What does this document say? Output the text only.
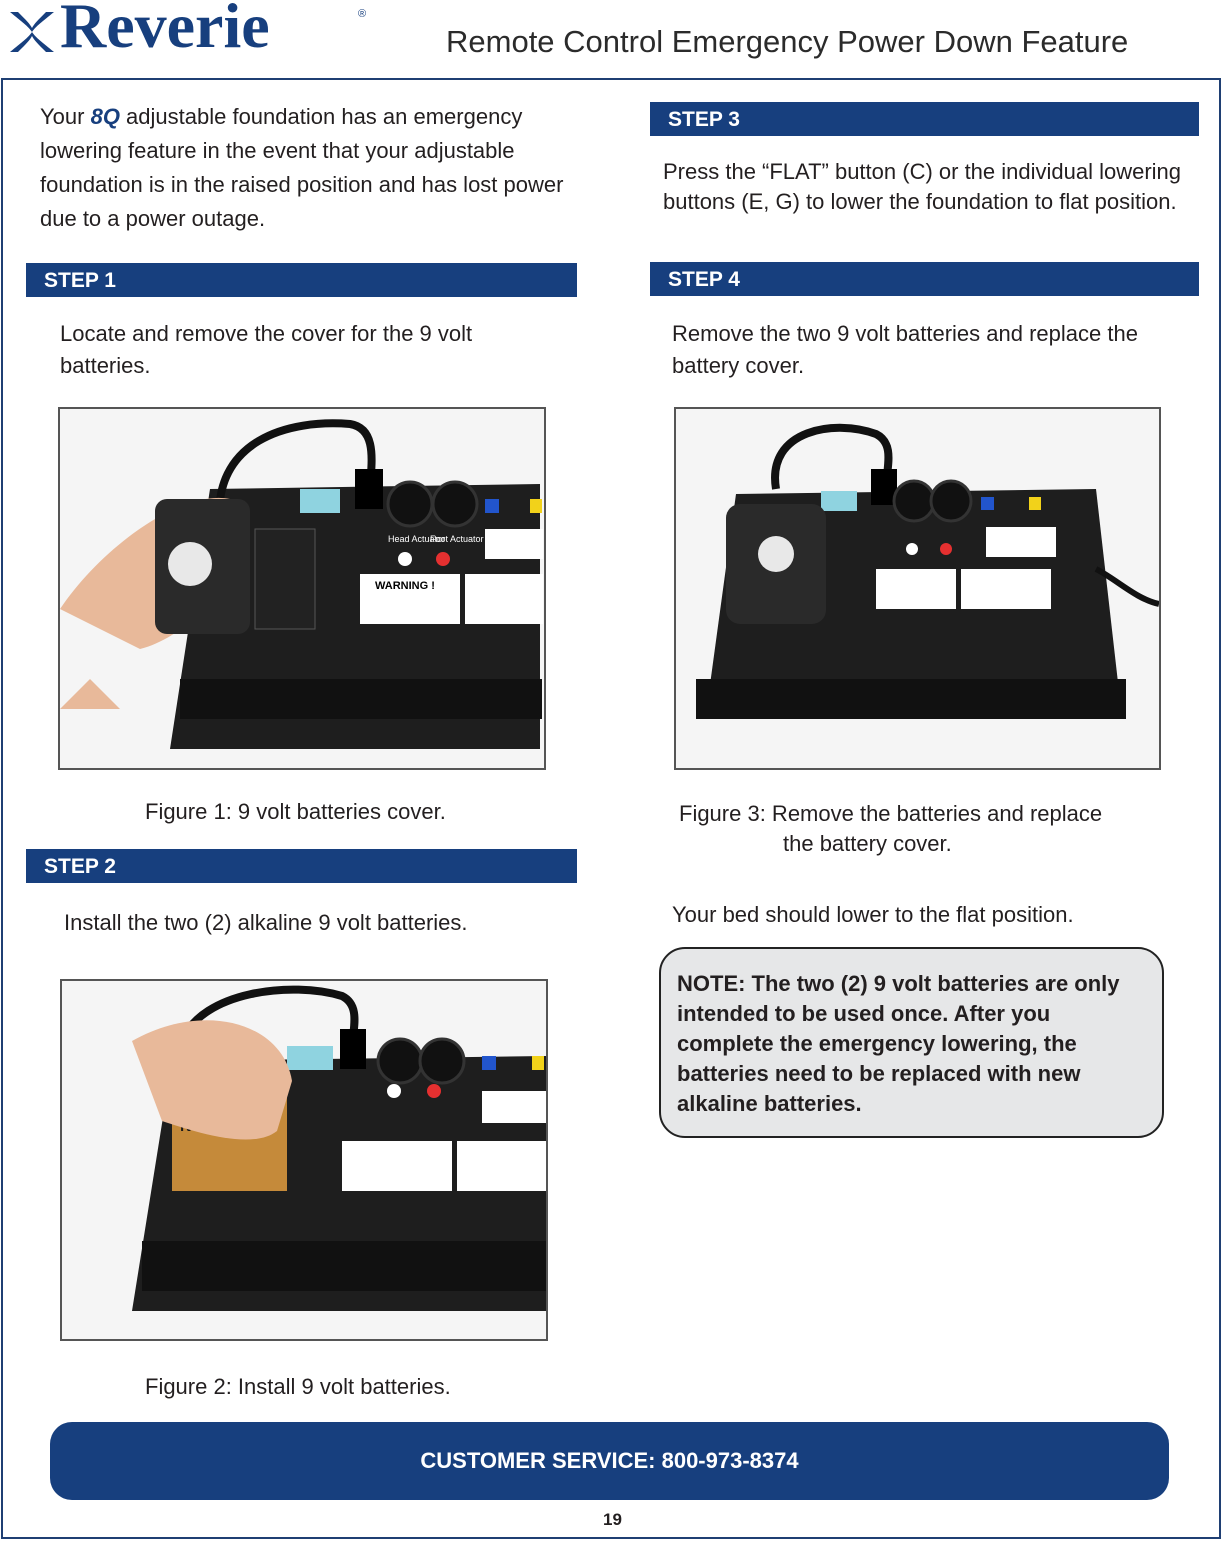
Reverie	®
Remote Control Emergency Power Down Feature
Your 8Q adjustable foundation has an emergency lowering feature in the event that your adjustable foundation is in the raised position and has lost power due to a power outage.
STEP 1
Locate and remove the cover for the 9 volt batteries.
Head Actuator
Foot Actuator
WARNING !
Figure 1: 9 volt batteries cover.
STEP 2
Install the two (2) alkaline 9 volt batteries.
Figure 2: Install 9 volt batteries.
STEP 3
Press the “FLAT” button (C) or the individual lowering buttons (E, G) to lower the foundation to flat position.
STEP 4
Remove the two 9 volt batteries and replace the battery cover.
Figure 3: Remove the batteries and replace
the battery cover.
Your bed should lower to the flat position.
NOTE: The two (2) 9 volt batteries are only intended to be used once. After you complete the emergency lowering, the batteries need to be replaced with new alkaline batteries.
CUSTOMER SERVICE: 800-973-8374
19
